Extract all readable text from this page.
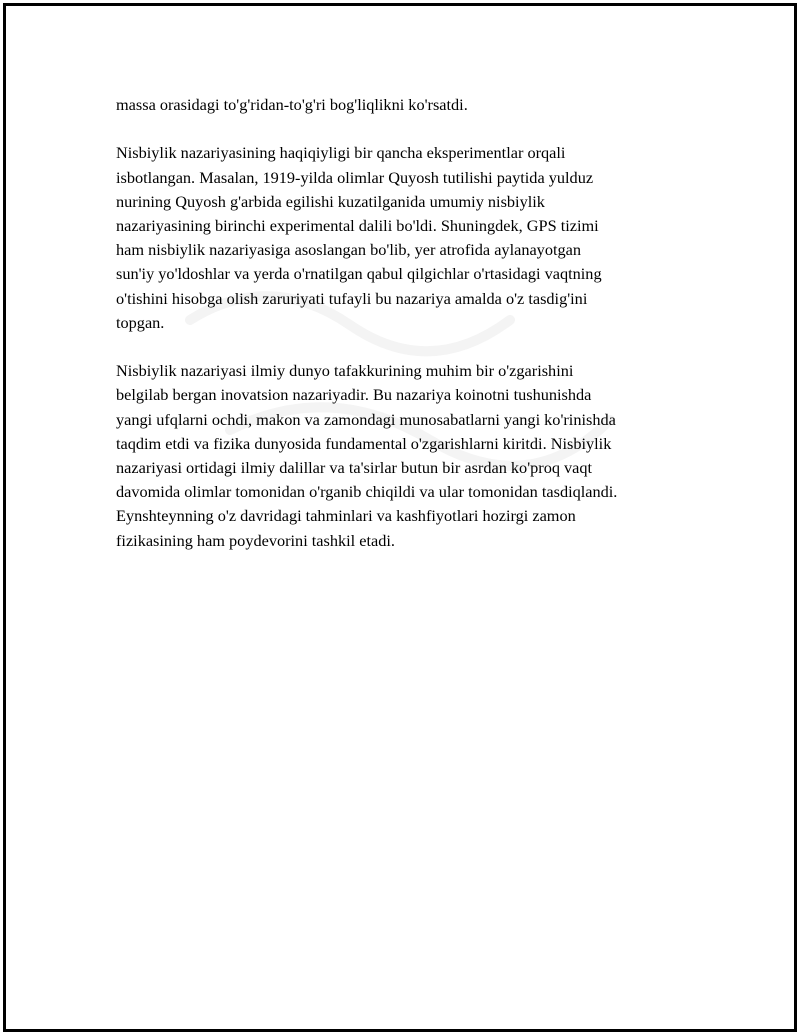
massa orasidagi to'g'ridan-to'g'ri bog'liqlikni ko'rsatdi.

Nisbiylik nazariyasining haqiqiyligi bir qancha eksperimentlar orqali
isbotlangan. Masalan, 1919-yilda olimlar Quyosh tutilishi paytida yulduz
nurining Quyosh g'arbida egilishi kuzatilganida umumiy nisbiylik
nazariyasining birinchi experimental dalili bo'ldi. Shuningdek, GPS tizimi
ham nisbiylik nazariyasiga asoslangan bo'lib, yer atrofida aylanayotgan
sun'iy yo'ldoshlar va yerda o'rnatilgan qabul qilgichlar o'rtasidagi vaqtning
o'tishini hisobga olish zaruriyati tufayli bu nazariya amalda o'z tasdig'ini
topgan.

Nisbiylik nazariyasi ilmiy dunyo tafakkurining muhim bir o'zgarishini
belgilab bergan inovatsion nazariyadir. Bu nazariya koinotni tushunishda
yangi ufqlarni ochdi, makon va zamondagi munosabatlarni yangi ko'rinishda
taqdim etdi va fizika dunyosida fundamental o'zgarishlarni kiritdi. Nisbiylik
nazariyasi ortidagi ilmiy dalillar va ta'sirlar butun bir asrdan ko'proq vaqt
davomida olimlar tomonidan o'rganib chiqildi va ular tomonidan tasdiqlandi.
Eynshteynning o'z davridagi tahminlari va kashfiyotlari hozirgi zamon
fizikasining ham poydevorini tashkil etadi.
